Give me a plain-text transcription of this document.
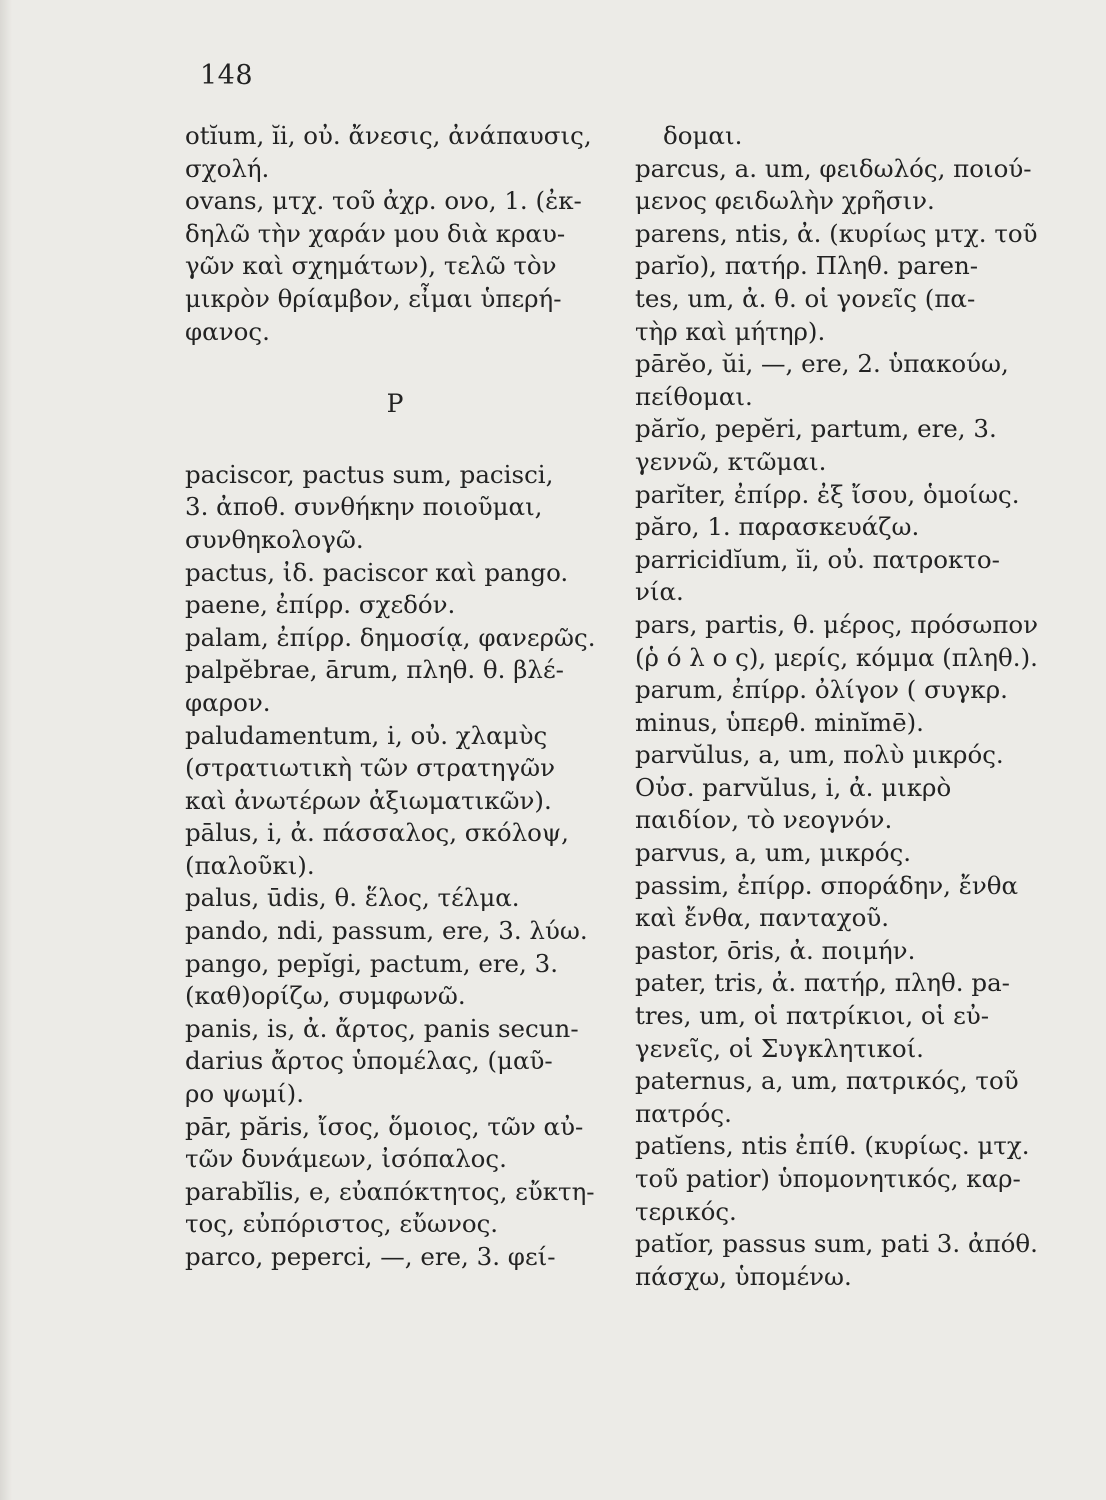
148
otĭum, ĭi, οὐ. ἄνεσις, ἀνάπαυσις,
σχολή.
ovans, μτχ. τοῦ ἀχρ. ονο, 1. (ἐκ-
δηλῶ τὴν χαράν μου διὰ κραυ-
γῶν καὶ σχημάτων), τελῶ τὸν
μικρὸν θρίαμβον, εἶμαι ὑπερή-
φανος.
P
paciscor, pactus sum, pacisci,
3. ἀποθ. συνθήκην ποιοῦμαι,
συνθηκολογῶ.
pactus, ἰδ. paciscor καὶ pango.
paene, ἐπίρρ. σχεδόν.
palam, ἐπίρρ. δημοσίᾳ, φανερῶς.
palpĕbrae, ārum, πληθ. θ. βλέ-
φαρον.
paludamentum, i, οὐ. χλαμὺς
(στρατιωτικὴ τῶν στρατηγῶν
καὶ ἀνωτέρων ἀξιωματικῶν).
pālus, i, ἀ. πάσσαλος, σκόλοψ,
(παλοῦκι).
palus, ūdis, θ. ἕλος, τέλμα.
pando, ndi, passum, ere, 3. λύω.
pango, pepĭgi, pactum, ere, 3.
(καθ)ορίζω, συμφωνῶ.
panis, is, ἀ. ἄρτος, panis secun-
darius ἄρτος ὑπομέλας, (μαῦ-
ρο ψωμί).
pār, păris, ἴσος, ὅμοιος, τῶν αὐ-
τῶν δυνάμεων, ἰσόπαλος.
parabĭlis, e, εὐαπόκτητος, εὔκτη-
τος, εὐπόριστος, εὔωνος.
parco, peperci, —, ere, 3. φεί-
δομαι.
parcus, a. um, φειδωλός, ποιού-
μενος φειδωλὴν χρῆσιν.
parens, ntis, ἀ. (κυρίως μτχ. τοῦ
parĭo), πατήρ. Πληθ. paren-
tes, um, ἀ. θ. οἱ γονεῖς (πα-
τὴρ καὶ μήτηρ).
pārĕo, ŭi, —, ere, 2. ὑπακούω,
πείθομαι.
părĭo, pepĕri, partum, ere, 3.
γεννῶ, κτῶμαι.
parĭter, ἐπίρρ. ἐξ ἴσου, ὁμοίως.
păro, 1. παρασκευάζω.
parricidĭum, ĭi, οὐ. πατροκτο-
νία.
pars, partis, θ. μέρος, πρόσωπον
(ῥ ό λ ο ς), μερίς, κόμμα (πληθ.).
parum, ἐπίρρ. ὀλίγον ( συγκρ.
minus, ὑπερθ. minĭmē).
parvŭlus, a, um, πολὺ μικρός.
Οὐσ. parvŭlus, i, ἀ. μικρὸ
παιδίον, τὸ νεογνόν.
parvus, a, um, μικρός.
passim, ἐπίρρ. σποράδην, ἔνθα
καὶ ἔνθα, πανταχοῦ.
pastor, ōris, ἀ. ποιμήν.
pater, tris, ἀ. πατήρ, πληθ. pa-
tres, um, οἱ πατρίκιοι, οἱ εὐ-
γενεῖς, οἱ Συγκλητικοί.
paternus, a, um, πατρικός, τοῦ
πατρός.
patĭens, ntis ἐπίθ. (κυρίως. μτχ.
τοῦ patior) ὑπομονητικός, καρ-
τερικός.
patĭor, passus sum, pati 3. ἀπόθ.
πάσχω, ὑπομένω.
